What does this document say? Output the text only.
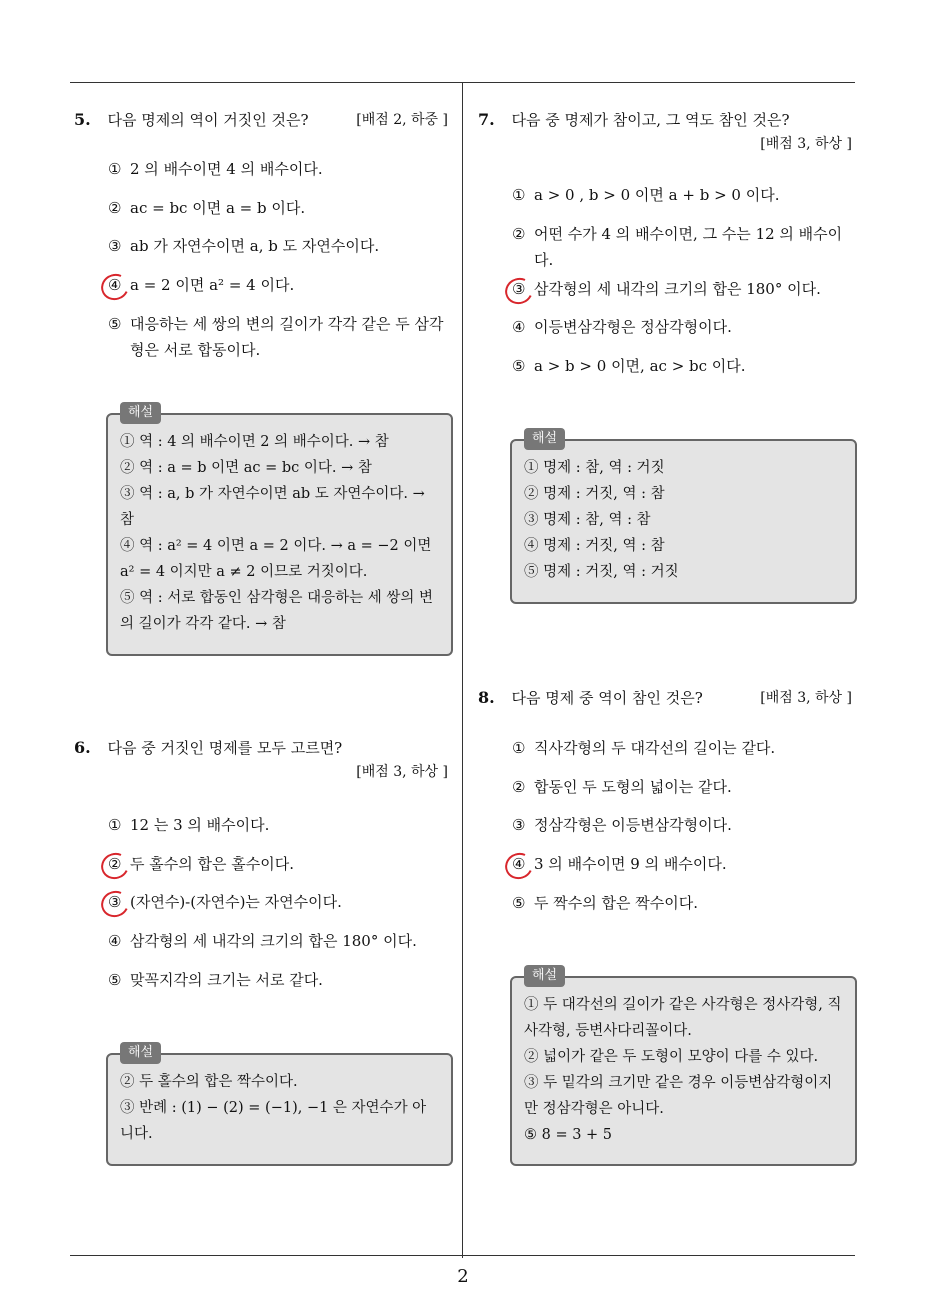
2
5. 다음 명제의 역이 거짓인 것은?	[배점 2, 하중 ]
① 2 의 배수이면 4 의 배수이다.
② ac = bc 이면 a = b 이다.
③ ab 가 자연수이면 a, b 도 자연수이다.
④ a = 2 이면 a² = 4 이다.
⑤ 대응하는 세 쌍의 변의 길이가 각각 같은 두 삼각형은 서로 합동이다.
해설
① 역 : 4 의 배수이면 2 의 배수이다. → 참
② 역 : a = b 이면 ac = bc 이다. → 참
③ 역 : a, b 가 자연수이면 ab 도 자연수이다. → 참
④ 역 : a² = 4 이면 a = 2 이다. → a = −2 이면 a² = 4 이지만 a ≠ 2 이므로 거짓이다.
⑤ 역 : 서로 합동인 삼각형은 대응하는 세 쌍의 변의 길이가 각각 같다. → 참
6. 다음 중 거짓인 명제를 모두 고르면?
[배점 3, 하상 ]
① 12 는 3 의 배수이다.
② 두 홀수의 합은 홀수이다.
③ (자연수)-(자연수)는 자연수이다.
④ 삼각형의 세 내각의 크기의 합은 180° 이다.
⑤ 맞꼭지각의 크기는 서로 같다.
해설
② 두 홀수의 합은 짝수이다.
③ 반례 : (1) − (2) = (−1), −1 은 자연수가 아니다.
7. 다음 중 명제가 참이고, 그 역도 참인 것은?
[배점 3, 하상 ]
① a > 0 , b > 0 이면 a + b > 0 이다.
② 어떤 수가 4 의 배수이면, 그 수는 12 의 배수이다.
③ 삼각형의 세 내각의 크기의 합은 180° 이다.
④ 이등변삼각형은 정삼각형이다.
⑤ a > b > 0 이면, ac > bc 이다.
해설
① 명제 : 참, 역 : 거짓
② 명제 : 거짓, 역 : 참
③ 명제 : 참, 역 : 참
④ 명제 : 거짓, 역 : 참
⑤ 명제 : 거짓, 역 : 거짓
8. 다음 명제 중 역이 참인 것은?	[배점 3, 하상 ]
① 직사각형의 두 대각선의 길이는 같다.
② 합동인 두 도형의 넓이는 같다.
③ 정삼각형은 이등변삼각형이다.
④ 3 의 배수이면 9 의 배수이다.
⑤ 두 짝수의 합은 짝수이다.
해설
① 두 대각선의 길이가 같은 사각형은 정사각형, 직사각형, 등변사다리꼴이다.
② 넓이가 같은 두 도형이 모양이 다를 수 있다.
③ 두 밑각의 크기만 같은 경우 이등변삼각형이지만 정삼각형은 아니다.
⑤ 8 = 3 + 5
